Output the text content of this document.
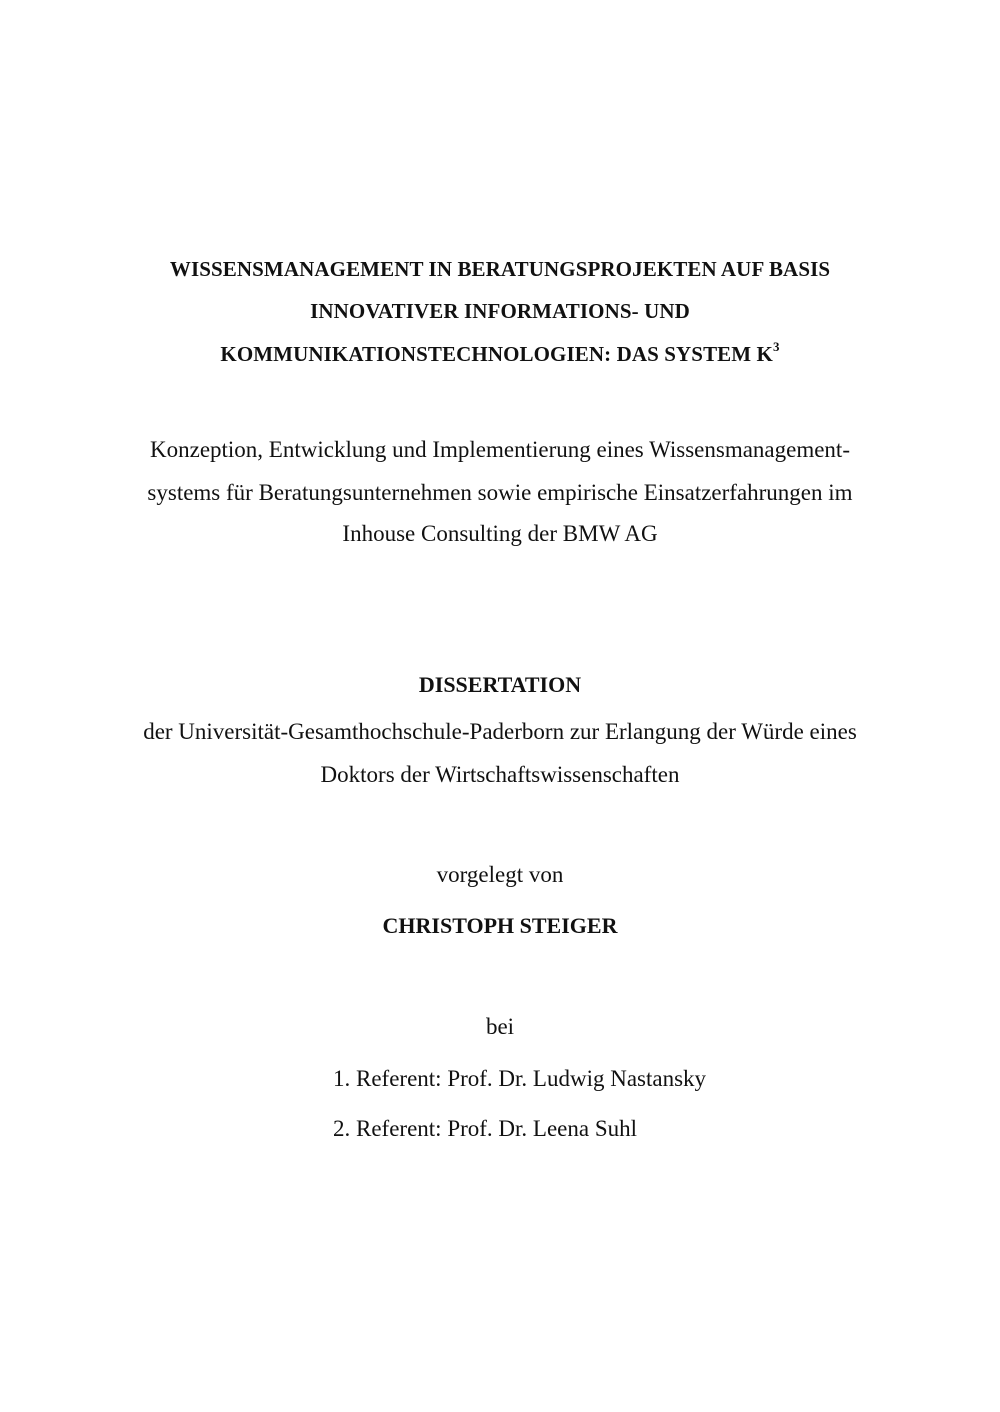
WISSENSMANAGEMENT IN BERATUNGSPROJEKTEN AUF BASIS
INNOVATIVER INFORMATIONS- UND
KOMMUNIKATIONSTECHNOLOGIEN: DAS SYSTEM $K^3$
Konzeption, Entwicklung und Implementierung eines Wissensmanagement-
systems für Beratungsunternehmen sowie empirische Einsatzerfahrungen im
Inhouse Consulting der BMW AG
DISSERTATION
der Universität-Gesamthochschule-Paderborn zur Erlangung der Würde eines
Doktors der Wirtschaftswissenschaften
vorgelegt von
CHRISTOPH STEIGER
bei
1. Referent: Prof. Dr. Ludwig Nastansky
2. Referent: Prof. Dr. Leena Suhl
